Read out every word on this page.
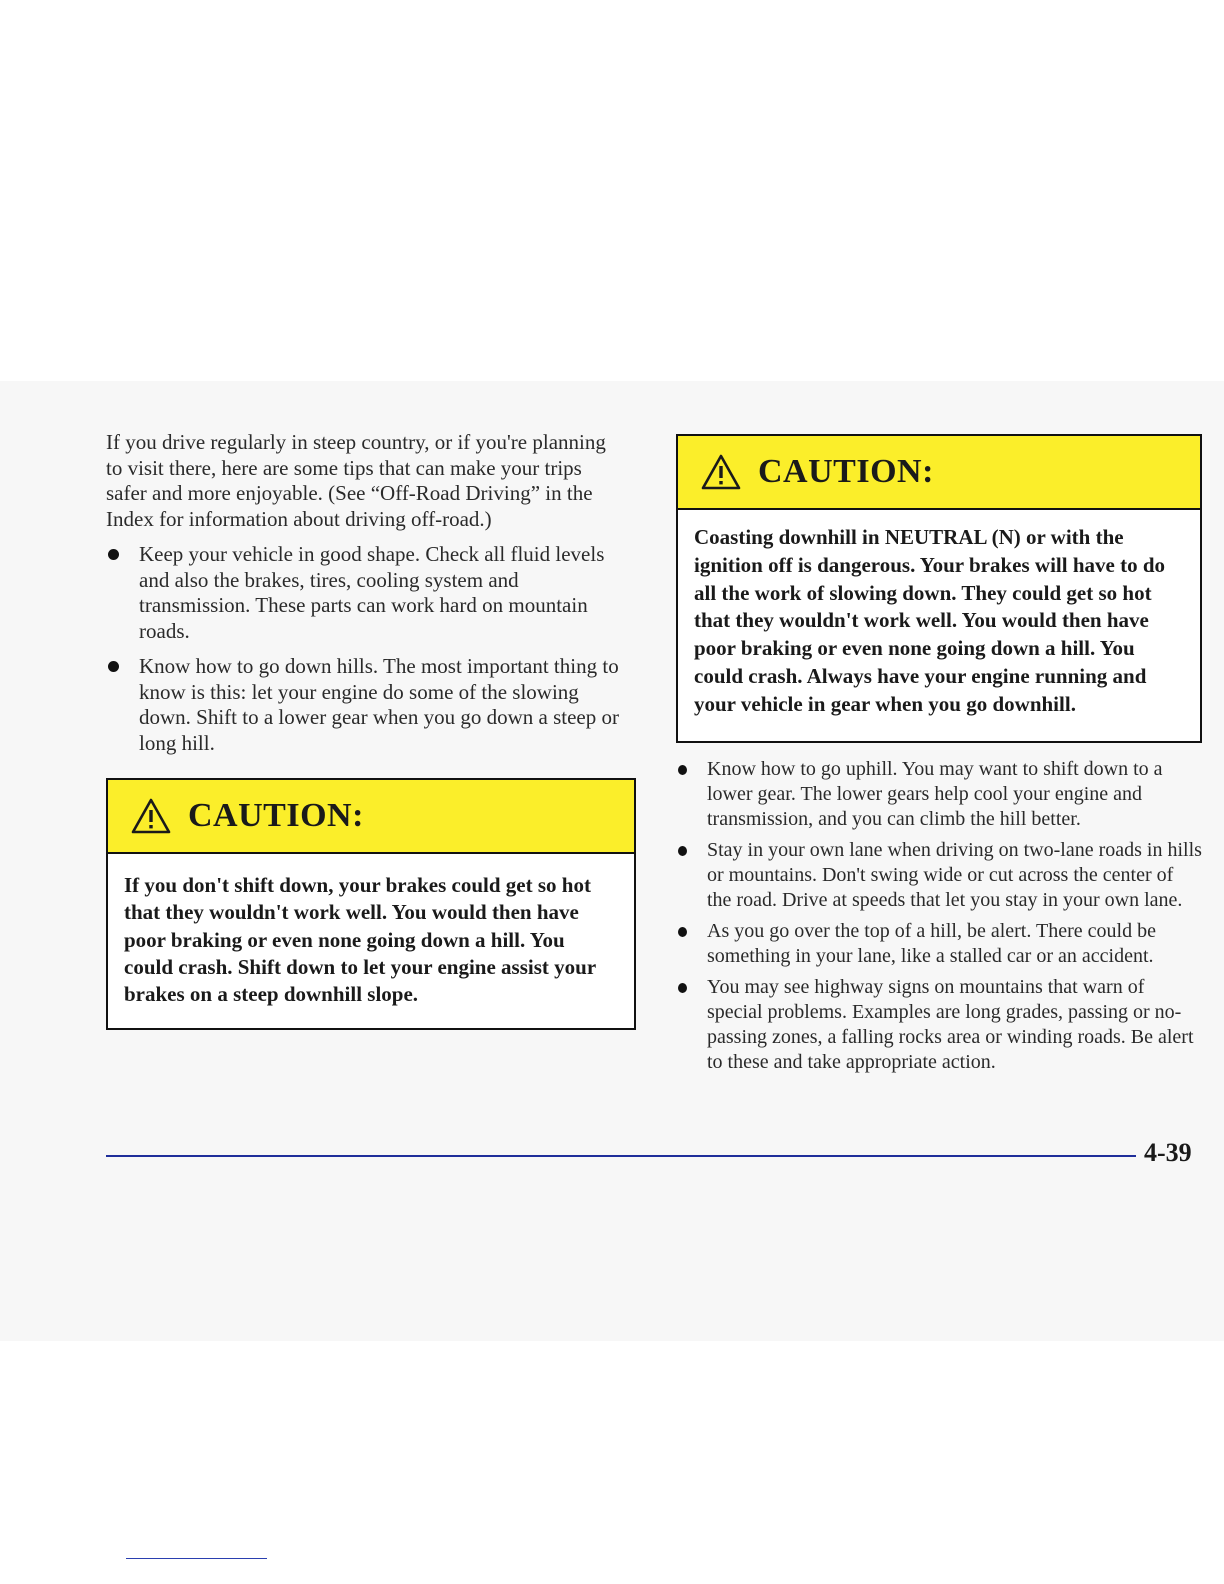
If you drive regularly in steep country, or if you're planning to visit there, here are some tips that can make your trips safer and more enjoyable. (See “Off-Road Driving” in the Index for information about driving off-road.)

Keep your vehicle in good shape. Check all fluid levels and also the brakes, tires, cooling system and transmission. These parts can work hard on mountain roads.
Know how to go down hills. The most important thing to know is this: let your engine do some of the slowing down. Shift to a lower gear when you go down a steep or long hill.
CAUTION:
If you don't shift down, your brakes could get so hot that they wouldn't work well. You would then have poor braking or even none going down a hill. You could crash. Shift down to let your engine assist your brakes on a steep downhill slope.
CAUTION:
Coasting downhill in NEUTRAL (N) or with the ignition off is dangerous. Your brakes will have to do all the work of slowing down. They could get so hot that they wouldn't work well. You would then have poor braking or even none going down a hill. You could crash. Always have your engine running and your vehicle in gear when you go downhill.
Know how to go uphill. You may want to shift down to a lower gear. The lower gears help cool your engine and transmission, and you can climb the hill better.
Stay in your own lane when driving on two-lane roads in hills or mountains. Don't swing wide or cut across the center of the road. Drive at speeds that let you stay in your own lane.
As you go over the top of a hill, be alert. There could be something in your lane, like a stalled car or an accident.
You may see highway signs on mountains that warn of special problems. Examples are long grades, passing or no-passing zones, a falling rocks area or winding roads. Be alert to these and take appropriate action.
4-39
